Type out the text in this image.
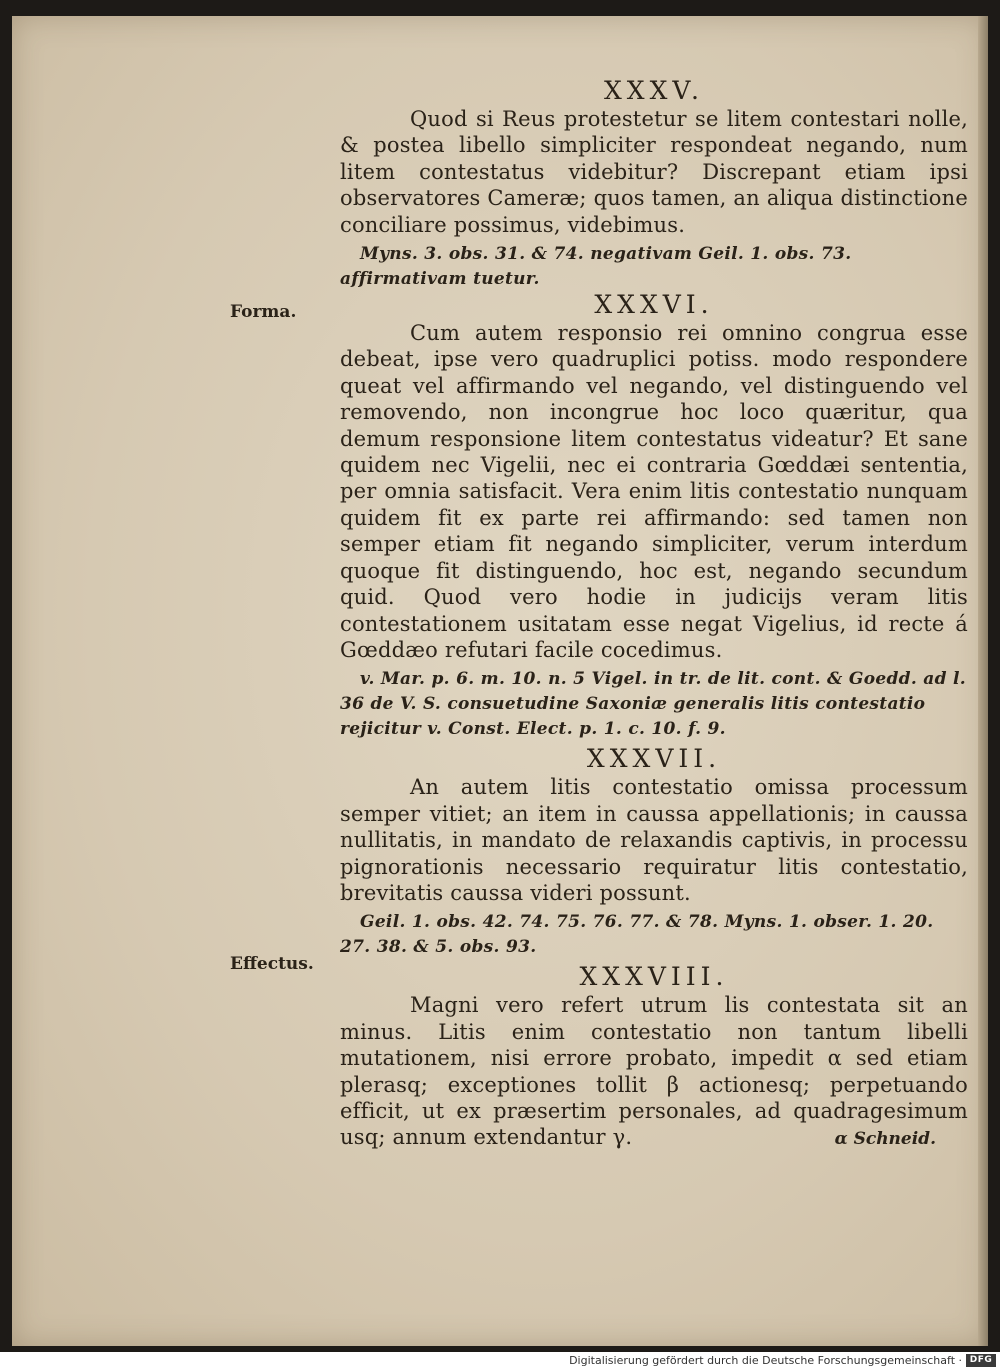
Forma.
Effectus.

XXXV.

Quod si Reus protestetur se litem contestari nolle, & postea libello simpliciter respondeat negando, num litem contestatus videbitur? Discrepant etiam ipsi observatores Cameræ; quos tamen, an aliqua distinctione conciliare possimus, videbimus.

Myns. 3. obs. 31. & 74. negativam Geil. 1. obs. 73. affirmativam tuetur.

XXXVI.

Cum autem responsio rei omnino congrua esse debeat, ipse vero quadruplici potiss. modo respondere queat vel affirmando vel negando, vel distinguendo vel removendo, non incongrue hoc loco quæritur, qua demum responsione litem contestatus videatur? Et sane quidem nec Vigelii, nec ei contraria Gœddæi sententia, per omnia satisfacit. Vera enim litis contestatio nunquam quidem fit ex parte rei affirmando: sed tamen non semper etiam fit negando simpliciter, verum interdum quoque fit distinguendo, hoc est, negando secundum quid. Quod vero hodie in judicijs veram litis contestationem usitatam esse negat Vigelius, id recte á Gœddæo refutari facile cocedimus.

v. Mar. p. 6. m. 10. n. 5 Vigel. in tr. de lit. cont. & Goedd. ad l. 36 de V. S. consuetudine Saxoniæ generalis litis contestatio rejicitur v. Const. Elect. p. 1. c. 10. f. 9.

XXXVII.

An autem litis contestatio omissa processum semper vitiet; an item in caussa appellationis; in caussa nullitatis, in mandato de relaxandis captivis, in processu pignorationis necessario requiratur litis contestatio, brevitatis caussa videri possunt.

Geil. 1. obs. 42. 74. 75. 76. 77. & 78. Myns. 1. obser. 1. 20. 27. 38. & 5. obs. 93.

XXXVIII.

Magni vero refert utrum lis contestata sit an minus. Litis enim contestatio non tantum libelli mutationem, nisi errore probato, impedit α sed etiam plerasq; exceptiones tollit β actionesq; perpetuando efficit, ut ex præsertim personales, ad quadragesimum usq; annum extendantur γ.	α Schneid.
Digitalisierung gefördert durch die Deutsche Forschungsgemeinschaft · DFG
